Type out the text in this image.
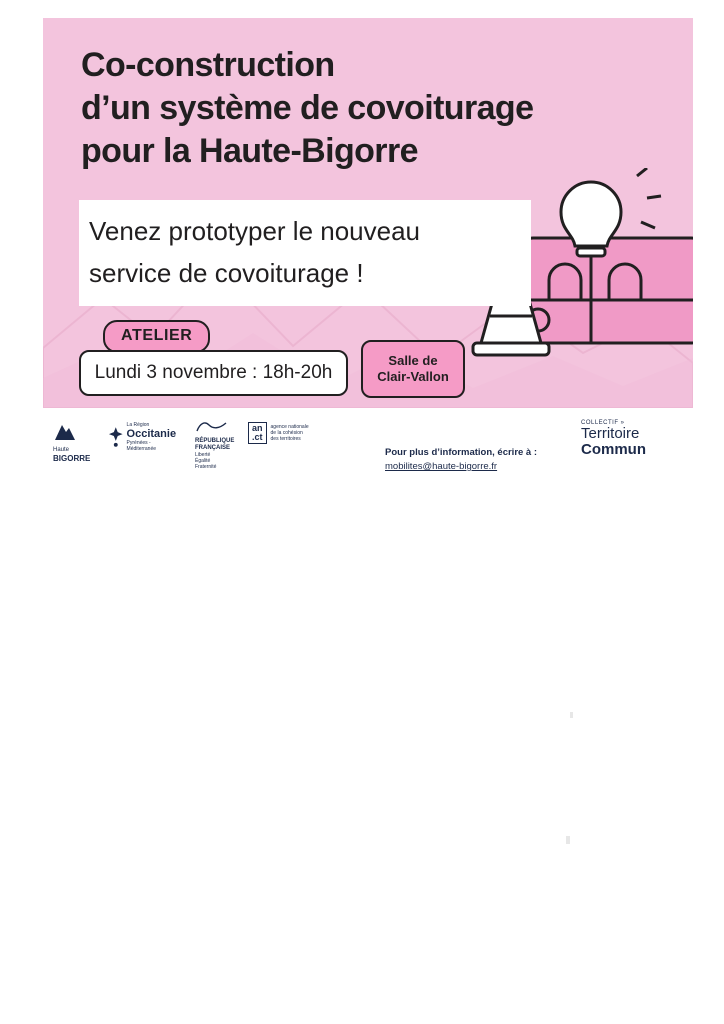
Co-construction
d’un système de covoiturage
pour la Haute-Bigorre
Venez prototyper le nouveau
service de covoiturage !
ATELIER
Lundi 3 novembre : 18h-20h
Salle de
Clair-Vallon
Haute
BIGORRE
La Région
Occitanie
Pyrénées - Méditerranée
RÉPUBLIQUE
FRANÇAISE
Liberté
Égalité
Fraternité
an
.ct
agence nationale
de la cohésion
des territoires
Pour plus d’information, écrire à :
mobilites@haute-bigorre.fr
COLLECTIF »
Territoire
Commun
